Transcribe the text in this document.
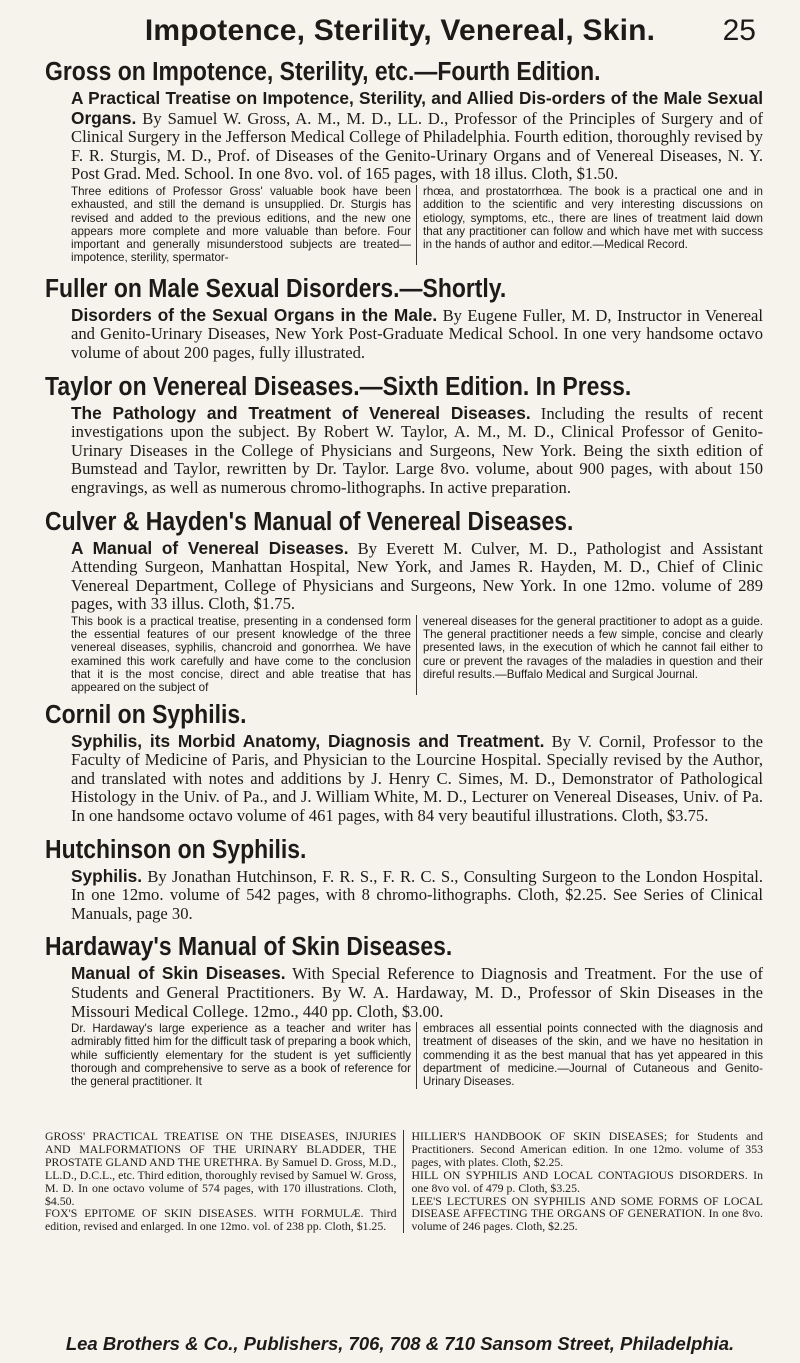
Impotence, Sterility, Venereal, Skin.	25
Gross on Impotence, Sterility, etc.—Fourth Edition.

A Practical Treatise on Impotence, Sterility, and Allied Dis-orders of the Male Sexual Organs. By Samuel W. Gross, A. M., M. D., LL. D., Professor of the Principles of Surgery and of Clinical Surgery in the Jefferson Medical College of Philadelphia. Fourth edition, thoroughly revised by F. R. Sturgis, M. D., Prof. of Diseases of the Genito-Urinary Organs and of Venereal Diseases, N. Y. Post Grad. Med. School. In one 8vo. vol. of 165 pages, with 18 illus. Cloth, $1.50.

Three editions of Professor Gross' valuable book have been exhausted, and still the demand is unsupplied. Dr. Sturgis has revised and added to the previous editions, and the new one appears more complete and more valuable than before. Four important and generally misunderstood subjects are treated—impotence, sterility, spermator-
rhœa, and prostatorrhœa. The book is a practical one and in addition to the scientific and very interesting discussions on etiology, symptoms, etc., there are lines of treatment laid down that any practitioner can follow and which have met with success in the hands of author and editor.—Medical Record.
Fuller on Male Sexual Disorders.—Shortly.

Disorders of the Sexual Organs in the Male. By Eugene Fuller, M. D, Instructor in Venereal and Genito-Urinary Diseases, New York Post-Graduate Medical School. In one very handsome octavo volume of about 200 pages, fully illustrated.

Taylor on Venereal Diseases.—Sixth Edition. In Press.

The Pathology and Treatment of Venereal Diseases. Including the results of recent investigations upon the subject. By Robert W. Taylor, A. M., M. D., Clinical Professor of Genito-Urinary Diseases in the College of Physicians and Surgeons, New York. Being the sixth edition of Bumstead and Taylor, rewritten by Dr. Taylor. Large 8vo. volume, about 900 pages, with about 150 engravings, as well as numerous chromo-lithographs. In active preparation.

Culver & Hayden's Manual of Venereal Diseases.

A Manual of Venereal Diseases. By Everett M. Culver, M. D., Pathologist and Assistant Attending Surgeon, Manhattan Hospital, New York, and James R. Hayden, M. D., Chief of Clinic Venereal Department, College of Physicians and Surgeons, New York. In one 12mo. volume of 289 pages, with 33 illus. Cloth, $1.75.

This book is a practical treatise, presenting in a condensed form the essential features of our present knowledge of the three venereal diseases, syphilis, chancroid and gonorrhea. We have examined this work carefully and have come to the conclusion that it is the most concise, direct and able treatise that has appeared on the subject of
venereal diseases for the general practitioner to adopt as a guide. The general practitioner needs a few simple, concise and clearly presented laws, in the execution of which he cannot fail either to cure or prevent the ravages of the maladies in question and their direful results.—Buffalo Medical and Surgical Journal.
Cornil on Syphilis.

Syphilis, its Morbid Anatomy, Diagnosis and Treatment. By V. Cornil, Professor to the Faculty of Medicine of Paris, and Physician to the Lourcine Hospital. Specially revised by the Author, and translated with notes and additions by J. Henry C. Simes, M. D., Demonstrator of Pathological Histology in the Univ. of Pa., and J. William White, M. D., Lecturer on Venereal Diseases, Univ. of Pa. In one handsome octavo volume of 461 pages, with 84 very beautiful illustrations. Cloth, $3.75.

Hutchinson on Syphilis.

Syphilis. By Jonathan Hutchinson, F. R. S., F. R. C. S., Consulting Surgeon to the London Hospital. In one 12mo. volume of 542 pages, with 8 chromo-lithographs. Cloth, $2.25. See Series of Clinical Manuals, page 30.

Hardaway's Manual of Skin Diseases.

Manual of Skin Diseases. With Special Reference to Diagnosis and Treatment. For the use of Students and General Practitioners. By W. A. Hardaway, M. D., Professor of Skin Diseases in the Missouri Medical College. 12mo., 440 pp. Cloth, $3.00.

Dr. Hardaway's large experience as a teacher and writer has admirably fitted him for the difficult task of preparing a book which, while sufficiently elementary for the student is yet sufficiently thorough and comprehensive to serve as a book of reference for the general practitioner. It
embraces all essential points connected with the diagnosis and treatment of diseases of the skin, and we have no hesitation in commending it as the best manual that has yet appeared in this department of medicine.—Journal of Cutaneous and Genito-Urinary Diseases.

GROSS' PRACTICAL TREATISE ON THE DISEASES, INJURIES AND MALFORMATIONS OF THE URINARY BLADDER, THE PROSTATE GLAND AND THE URETHRA. By Samuel D. Gross, M.D., LL.D., D.C.L., etc. Third edition, thoroughly revised by Samuel W. Gross, M. D. In one octavo volume of 574 pages, with 170 illustrations. Cloth, $4.50.

FOX'S EPITOME OF SKIN DISEASES. WITH FORMULÆ. Third edition, revised and enlarged. In one 12mo. vol. of 238 pp. Cloth, $1.25.

HILLIER'S HANDBOOK OF SKIN DISEASES; for Students and Practitioners. Second American edition. In one 12mo. volume of 353 pages, with plates. Cloth, $2.25.

HILL ON SYPHILIS AND LOCAL CONTAGIOUS DISORDERS. In one 8vo vol. of 479 p. Cloth, $3.25.

LEE'S LECTURES ON SYPHILIS AND SOME FORMS OF LOCAL DISEASE AFFECTING THE ORGANS OF GENERATION. In one 8vo. volume of 246 pages. Cloth, $2.25.

Lea Brothers & Co., Publishers, 706, 708 & 710 Sansom Street, Philadelphia.
